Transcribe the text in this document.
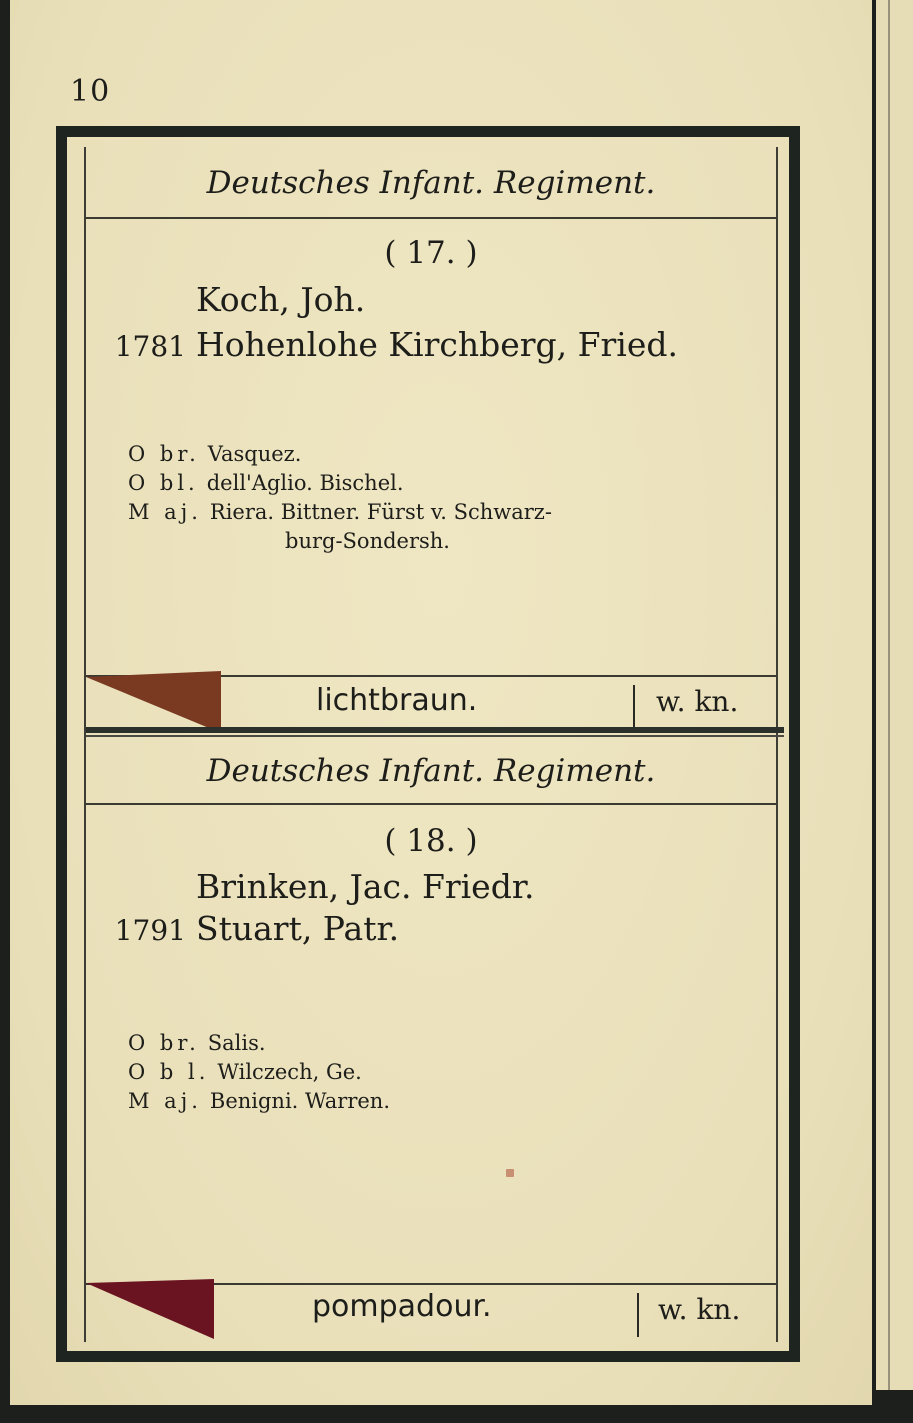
10

Deutsches Infant. Regiment.

( 17. )

Koch, Joh.
1781 Hohenlohe Kirchberg, Fried.
O br. Vasquez.
O bl. dell'Aglio. Bischel.
M aj. Riera. Bittner. Fürst v. Schwarz-
burg-Sondersh.

lichtbraun.	w. kn.

Deutsches Infant. Regiment.

( 18. )

Brinken, Jac. Friedr.
1791 Stuart, Patr.
O br. Salis.
O b l. Wilczech, Ge.
M aj. Benigni. Warren.

pompadour.	w. kn.
